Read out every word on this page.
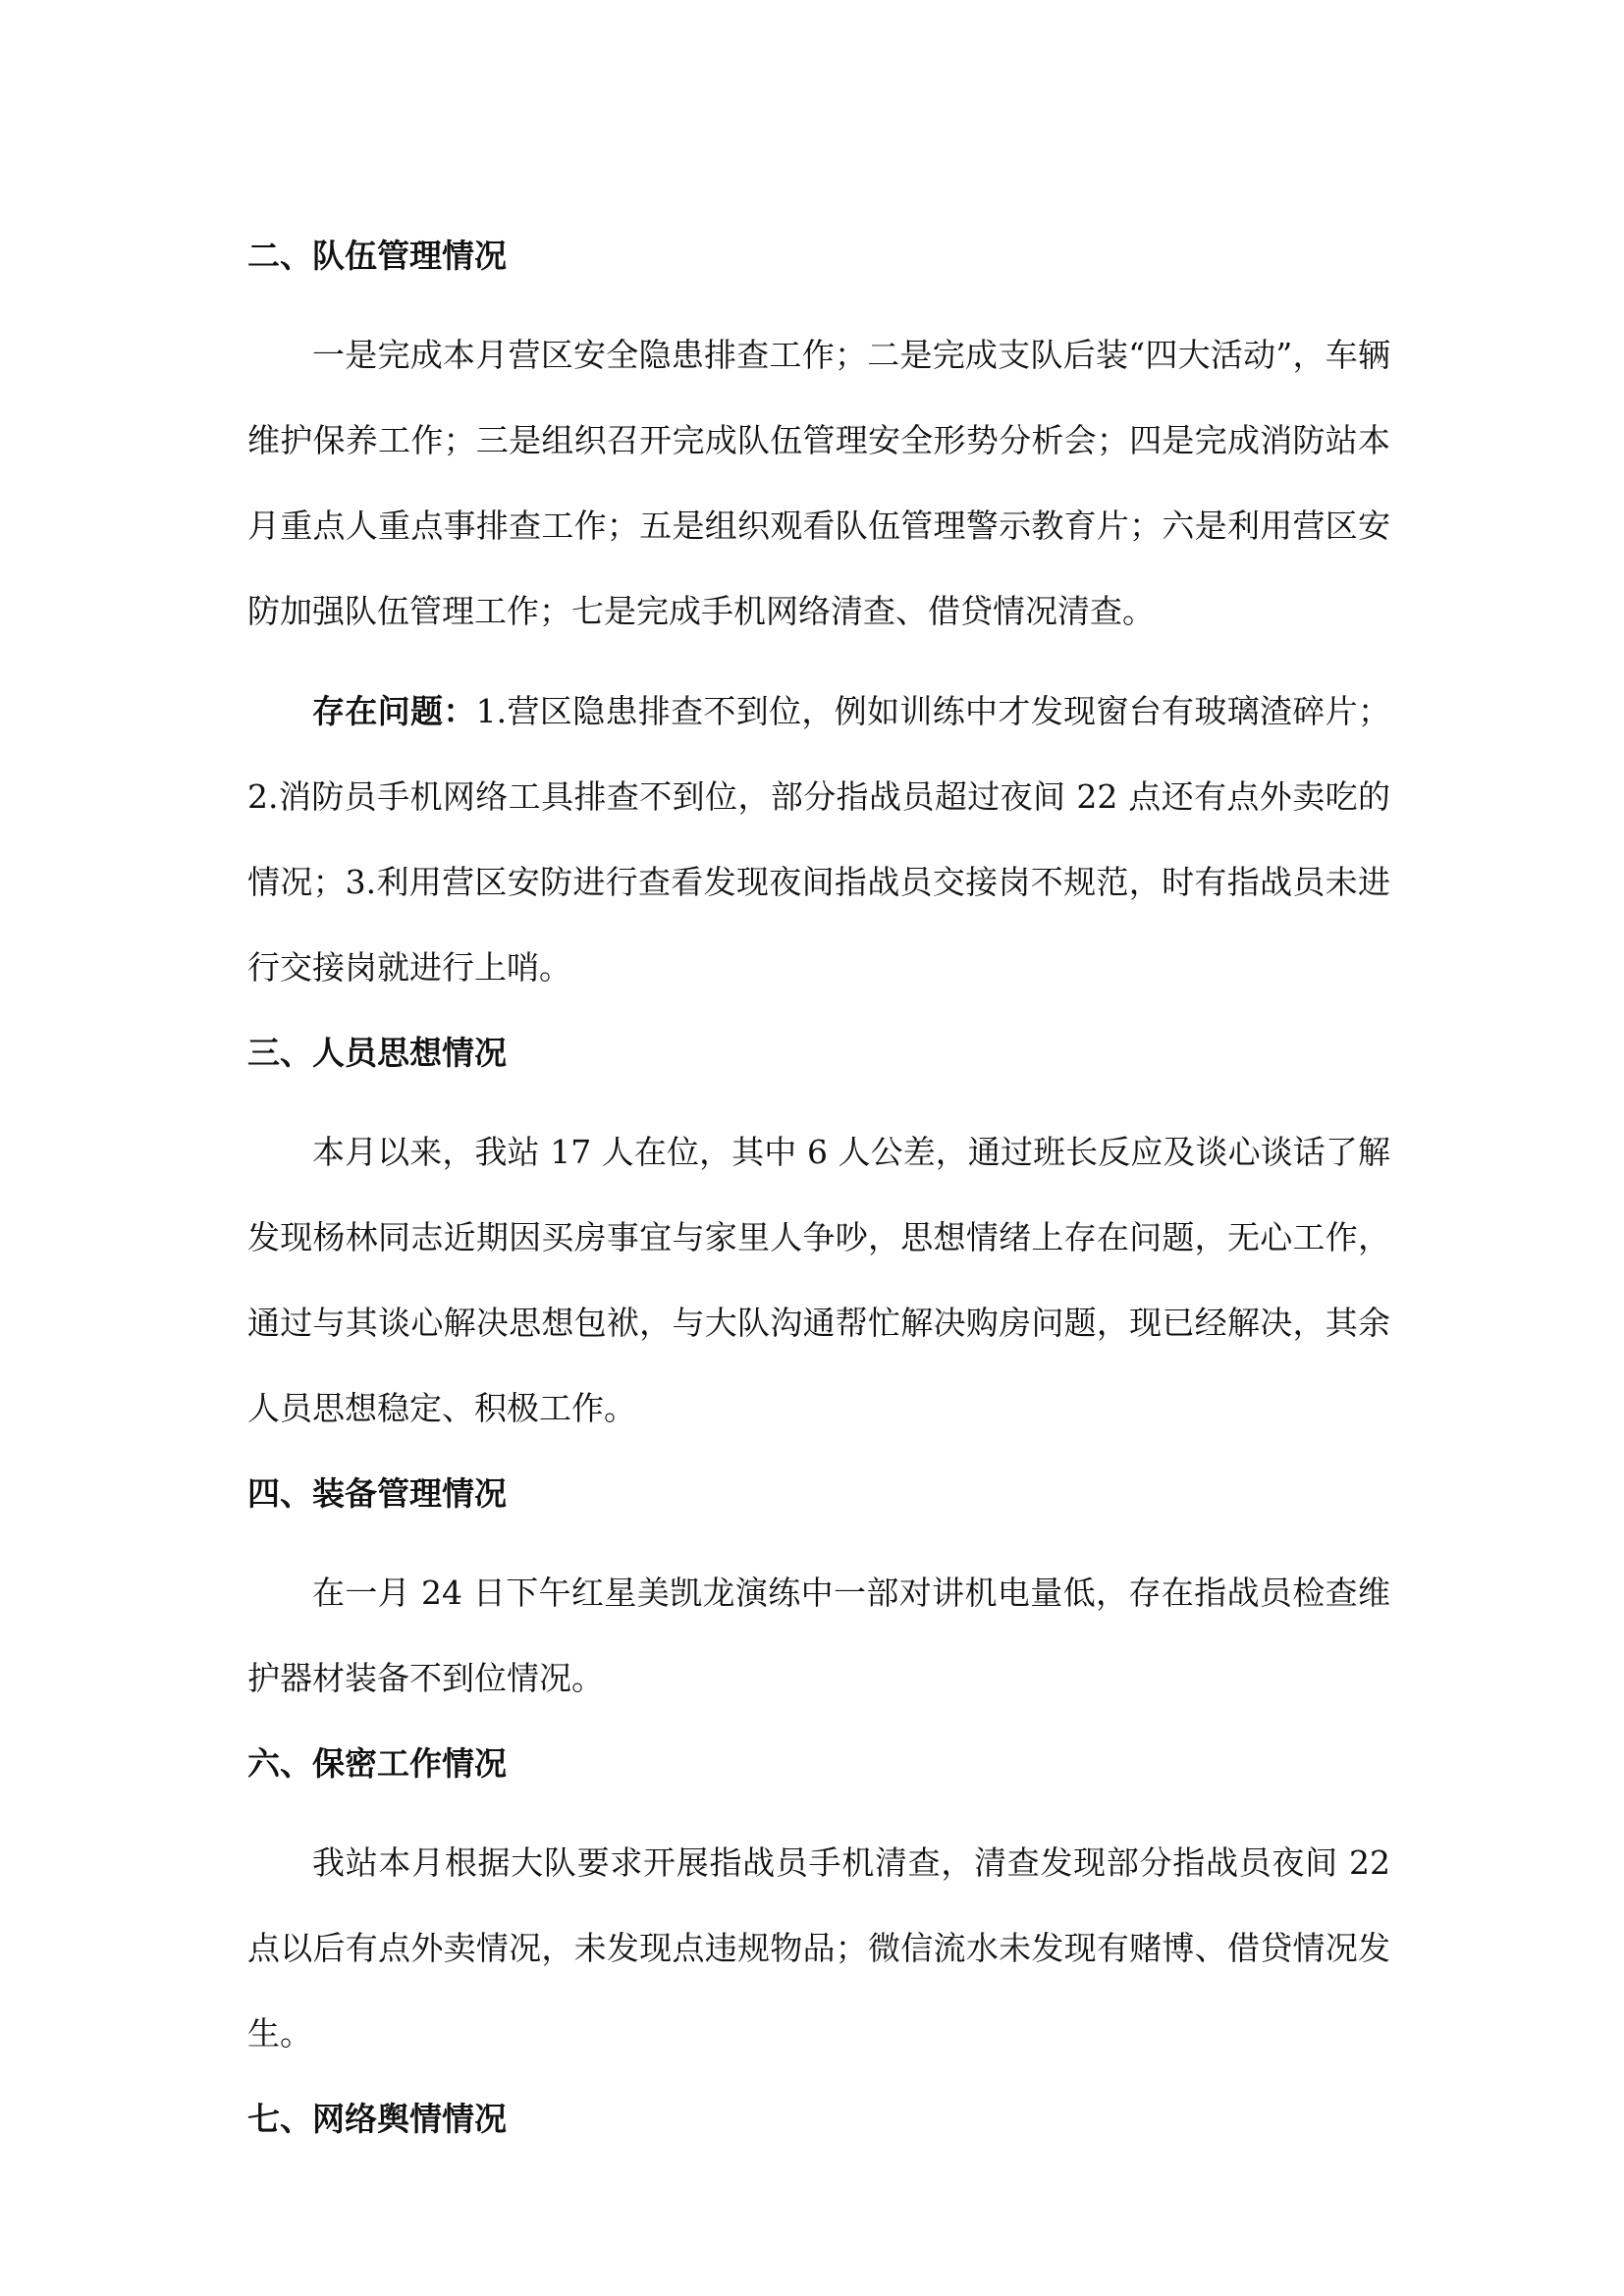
二、队伍管理情况

一是完成本月营区安全隐患排查工作；二是完成支队后装“四大活动”，车辆维护保养工作；三是组织召开完成队伍管理安全形势分析会；四是完成消防站本月重点人重点事排查工作；五是组织观看队伍管理警示教育片；六是利用营区安防加强队伍管理工作；七是完成手机网络清查、借贷情况清查。

存在问题：1.营区隐患排查不到位，例如训练中才发现窗台有玻璃渣碎片；2.消防员手机网络工具排查不到位，部分指战员超过夜间 22 点还有点外卖吃的情况；3.利用营区安防进行查看发现夜间指战员交接岗不规范，时有指战员未进行交接岗就进行上哨。

三、人员思想情况

本月以来，我站 17 人在位，其中 6 人公差，通过班长反应及谈心谈话了解发现杨林同志近期因买房事宜与家里人争吵，思想情绪上存在问题，无心工作，通过与其谈心解决思想包袱，与大队沟通帮忙解决购房问题，现已经解决，其余人员思想稳定、积极工作。

四、装备管理情况

在一月 24 日下午红星美凯龙演练中一部对讲机电量低，存在指战员检查维护器材装备不到位情况。

六、保密工作情况

我站本月根据大队要求开展指战员手机清查，清查发现部分指战员夜间 22 点以后有点外卖情况，未发现点违规物品；微信流水未发现有赌博、借贷情况发生。

七、网络舆情情况
